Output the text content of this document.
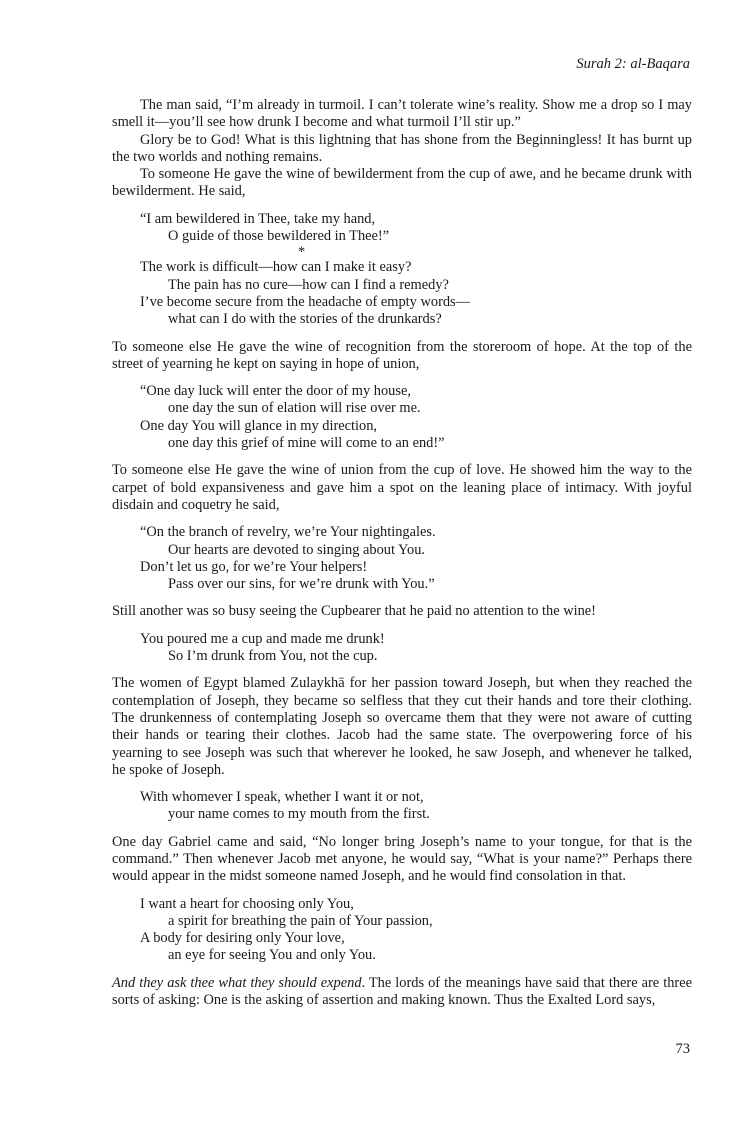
Surah 2: al-Baqara

The man said, “I’m already in turmoil. I can’t tolerate wine’s reality. Show me a drop so I may smell it—you’ll see how drunk I become and what turmoil I’ll stir up.”

Glory be to God! What is this lightning that has shone from the Beginningless! It has burnt up the two worlds and nothing remains.

To someone He gave the wine of bewilderment from the cup of awe, and he became drunk with bewilderment. He said,

“I am bewildered in Thee, take my hand,
O guide of those bewildered in Thee!”
*
The work is difficult—how can I make it easy?
The pain has no cure—how can I find a remedy?
I’ve become secure from the headache of empty words—
what can I do with the stories of the drunkards?

To someone else He gave the wine of recognition from the storeroom of hope. At the top of the street of yearning he kept on saying in hope of union,

“One day luck will enter the door of my house,
one day the sun of elation will rise over me.
One day You will glance in my direction,
one day this grief of mine will come to an end!”

To someone else He gave the wine of union from the cup of love. He showed him the way to the carpet of bold expansiveness and gave him a spot on the leaning place of intimacy. With joyful disdain and coquetry he said,

“On the branch of revelry, we’re Your nightingales.
Our hearts are devoted to singing about You.
Don’t let us go, for we’re Your helpers!
Pass over our sins, for we’re drunk with You.”

Still another was so busy seeing the Cupbearer that he paid no attention to the wine!

You poured me a cup and made me drunk!
So I’m drunk from You, not the cup.

The women of Egypt blamed Zulaykhā for her passion toward Joseph, but when they reached the contemplation of Joseph, they became so selfless that they cut their hands and tore their clothing. The drunkenness of contemplating Joseph so overcame them that they were not aware of cutting their hands or tearing their clothes. Jacob had the same state. The overpowering force of his yearning to see Joseph was such that wherever he looked, he saw Joseph, and whenever he talked, he spoke of Joseph.

With whomever I speak, whether I want it or not,
your name comes to my mouth from the first.

One day Gabriel came and said, “No longer bring Joseph’s name to your tongue, for that is the command.” Then whenever Jacob met anyone, he would say, “What is your name?” Perhaps there would appear in the midst someone named Joseph, and he would find consolation in that.

I want a heart for choosing only You,
a spirit for breathing the pain of Your passion,
A body for desiring only Your love,
an eye for seeing You and only You.

And they ask thee what they should expend. The lords of the meanings have said that there are three sorts of asking: One is the asking of assertion and making known. Thus the Exalted Lord says,

73
